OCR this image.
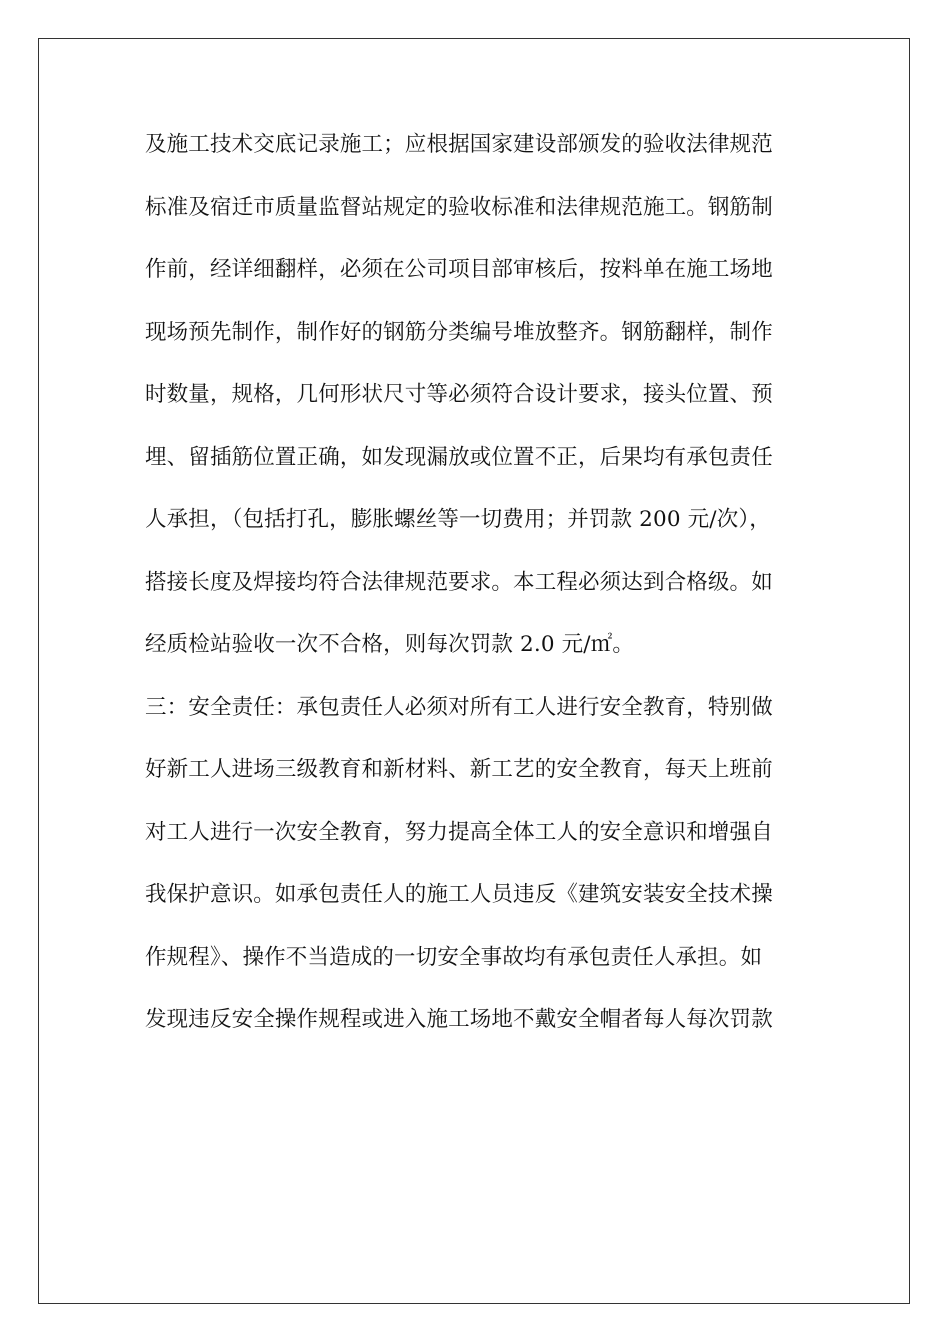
及施工技术交底记录施工；应根据国家建设部颁发的验收法律规范
标准及宿迁市质量监督站规定的验收标准和法律规范施工。钢筋制
作前，经详细翻样，必须在公司项目部审核后，按料单在施工场地
现场预先制作，制作好的钢筋分类编号堆放整齐。钢筋翻样，制作
时数量，规格，几何形状尺寸等必须符合设计要求，接头位置、预
埋、留插筋位置正确，如发现漏放或位置不正，后果均有承包责任
人承担，（包括打孔，膨胀螺丝等一切费用；并罚款 200 元/次），
搭接长度及焊接均符合法律规范要求。本工程必须达到合格级。如
经质检站验收一次不合格，则每次罚款 2.0 元/㎡。
三：安全责任：承包责任人必须对所有工人进行安全教育，特别做
好新工人进场三级教育和新材料、新工艺的安全教育，每天上班前
对工人进行一次安全教育，努力提高全体工人的安全意识和增强自
我保护意识。如承包责任人的施工人员违反《建筑安装安全技术操
作规程》、操作不当造成的一切安全事故均有承包责任人承担。如
发现违反安全操作规程或进入施工场地不戴安全帽者每人每次罚款
